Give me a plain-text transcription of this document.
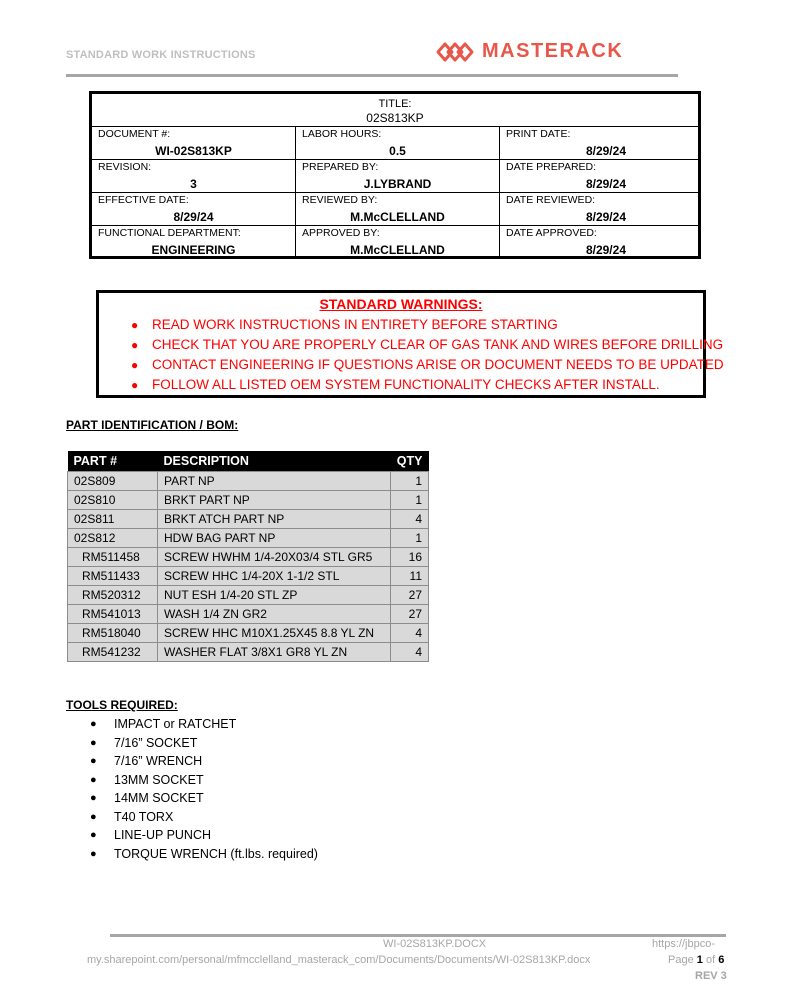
STANDARD WORK INSTRUCTIONS	MASTERACK
TITLE:
02S813KP
DOCUMENT #:
WI-02S813KP
LABOR HOURS:
0.5
PRINT DATE:
8/29/24
REVISION:
3
PREPARED BY:
J.LYBRAND
DATE PREPARED:
8/29/24
EFFECTIVE DATE:
8/29/24
REVIEWED BY:
M.McCLELLAND
DATE REVIEWED:
8/29/24
FUNCTIONAL DEPARTMENT:
ENGINEERING
APPROVED BY:
M.McCLELLAND
DATE APPROVED:
8/29/24
STANDARD WARNINGS:
● READ WORK INSTRUCTIONS IN ENTIRETY BEFORE STARTING
● CHECK THAT YOU ARE PROPERLY CLEAR OF GAS TANK AND WIRES BEFORE DRILLING
● CONTACT ENGINEERING IF QUESTIONS ARISE OR DOCUMENT NEEDS TO BE UPDATED
● FOLLOW ALL LISTED OEM SYSTEM FUNCTIONALITY CHECKS AFTER INSTALL.
PART IDENTIFICATION / BOM:
PART #	DESCRIPTION	QTY
02S809	PART NP	1
02S810	BRKT PART NP	1
02S811	BRKT ATCH PART NP	4
02S812	HDW BAG PART NP	1
RM511458	SCREW HWHM 1/4-20X03/4 STL GR5	16
RM511433	SCREW HHC 1/4-20X 1-1/2 STL	11
RM520312	NUT ESH 1/4-20 STL ZP	27
RM541013	WASH 1/4 ZN GR2	27
RM518040	SCREW HHC M10X1.25X45 8.8 YL ZN	4
RM541232	WASHER FLAT 3/8X1 GR8 YL ZN	4
TOOLS REQUIRED:
● IMPACT or RATCHET
● 7/16” SOCKET
● 7/16” WRENCH
● 13MM SOCKET
● 14MM SOCKET
● T40 TORX
● LINE-UP PUNCH
● TORQUE WRENCH (ft.lbs. required)
WI-02S813KP.DOCX	https://jbpco-
my.sharepoint.com/personal/mfmcclelland_masterack_com/Documents/Documents/WI-02S813KP.docx	Page 1 of 6
REV 3
